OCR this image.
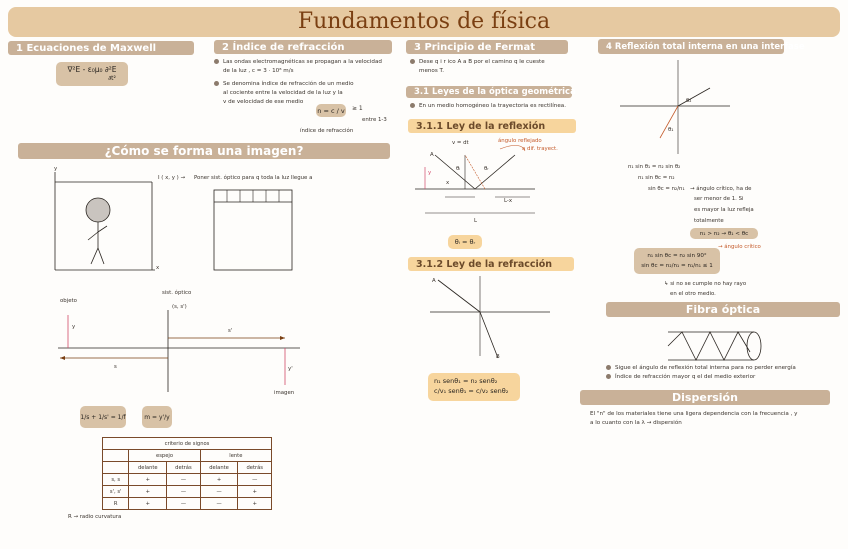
Fundamentos de física
1 Ecuaciones de Maxwell	2 Índice de refracción	3 Principio de Fermat	4 Reflexión total interna en una interfase
∇²E - ε₀μ₀ ∂²E
∂t²
Las ondas electromagnéticas se propagan a la velocidad
de la luz , c = 3 · 10⁸ m/s
Se denomina índice de refracción de un medio
al cociente entre la velocidad de la luz y la
v de velocidad de ese medio
n = c / v ≥ 1
entre 1-3
índice de refracción
¿Cómo se forma una imagen?
I ( x, y ) → Poner sist. óptico para q toda la luz llegue a
y
x
objeto
sist. óptico
(s, s')
y
s'
s	y'
imagen
1/s + 1/s' = 1/f	m = y'/y
criterio de signos				
	espejo		lente	
	delante	detrás	delante	detrás
s, s	+	—	+	—
s', s'	+	—	—	+
R	+	—	—	+
R → radio curvatura
Dese q i r ico A a B por el camino q le cueste
menos T.
3.1 Leyes de la óptica geométrica
En un medio homogéneo la trayectoria es rectilínea.
3.1.1 Ley de la reflexión
A
v = dt	ángulo reflejado
a dif. trayect.
θᵢ	θᵣ
y
x
L-x
L
θᵢ = θᵣ
3.1.2 Ley de la refracción
A
B
n₁ senθ₁ = n₂ senθ₂
c/v₁ senθ₁ = c/v₂ senθ₂
θ₂
θ₁
n₁ sin θ₁ = n₂ sin θ₂
n₁ sin θc = n₂
sin θc = n₂/n₁ → ángulo crítico, ha de
ser menor de 1. Si
es mayor la luz refleja
totalmente
n₁ > n₂ → θ₁ < θc
n₁ sin θc = n₂ sin 90°
sin θc = n₂/n₁ = n₁/n₁ ≤ 1
→ ángulo crítico
↳ si no se cumple no hay rayo
en el otro medio.
Fibra óptica
Sigue el ángulo de reflexión total interna para no perder energía
Índice de refracción mayor q el del medio exterior
Dispersión
El "n" de los materiales tiene una ligera dependencia con la frecuencia , y
a lo cuanto con la λ → dispersión
